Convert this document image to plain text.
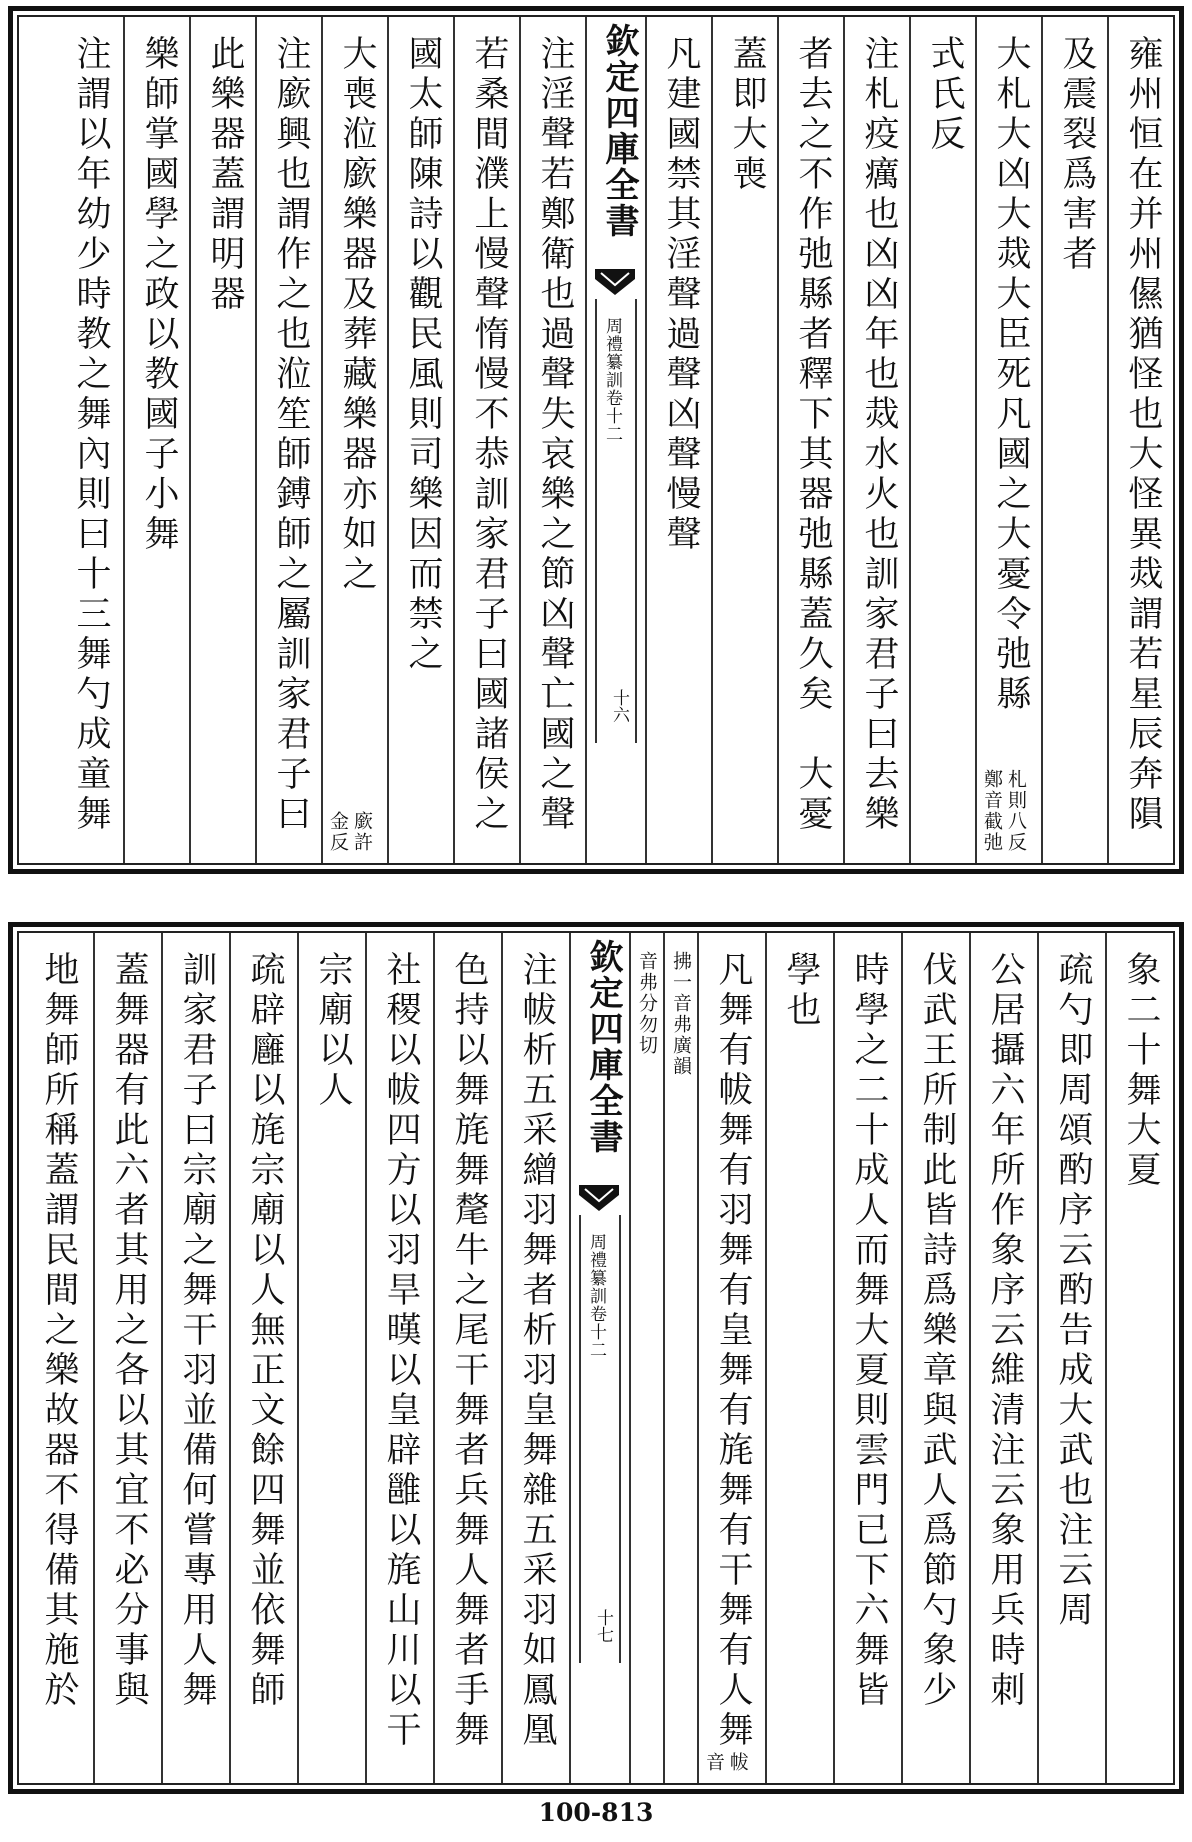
雍州恒在并州儑猶怪也大怪異烖謂若星辰奔隕
及震裂爲害者
大札大凶大烖大臣死凡國之大憂令弛縣
札則八反
鄭音截弛
式氏反
注札疫癘也凶凶年也烖水火也訓家君子曰去樂
者去之不作弛縣者釋下其器弛縣蓋久矣　大憂
蓋即大喪
凡建國禁其淫聲過聲凶聲慢聲
欽定四庫全書
周禮纂訓卷十二
十六
注淫聲若鄭衛也過聲失哀樂之節凶聲亡國之聲
若桑間濮上慢聲惰慢不恭訓家君子曰國諸侯之
國太師陳詩以觀民風則司樂因而禁之
大喪涖廞樂器及葬藏樂器亦如之
廞許
金反
注廞興也謂作之也涖笙師鎛師之屬訓家君子曰
此樂器蓋謂明器
樂師掌國學之政以教國子小舞
注謂以年幼少時教之舞內則曰十三舞勺成童舞
象二十舞大夏
疏勺即周頌酌序云酌告成大武也注云周
公居攝六年所作象序云維清注云象用兵時刺
伐武王所制此皆詩爲樂章與武人爲節勺象少
時學之二十成人而舞大夏則雲門已下六舞皆
學也
凡舞有帗舞有羽舞有皇舞有旄舞有干舞有人舞
帗
音
拂一音弗廣韻
音弗分勿切
欽定四庫全書
周禮纂訓卷十二
十七
注帗析五采繒羽舞者析羽皇舞雜五采羽如鳳凰
色持以舞旄舞氂牛之尾干舞者兵舞人舞者手舞
社稷以帗四方以羽旱暵以皇辟雝以旄山川以干
宗廟以人
疏辟廱以旄宗廟以人無正文餘四舞並依舞師
訓家君子曰宗廟之舞干羽並備何嘗專用人舞
蓋舞器有此六者其用之各以其宜不必分事與
地舞師所稱蓋謂民間之樂故器不得備其施於
100-813
